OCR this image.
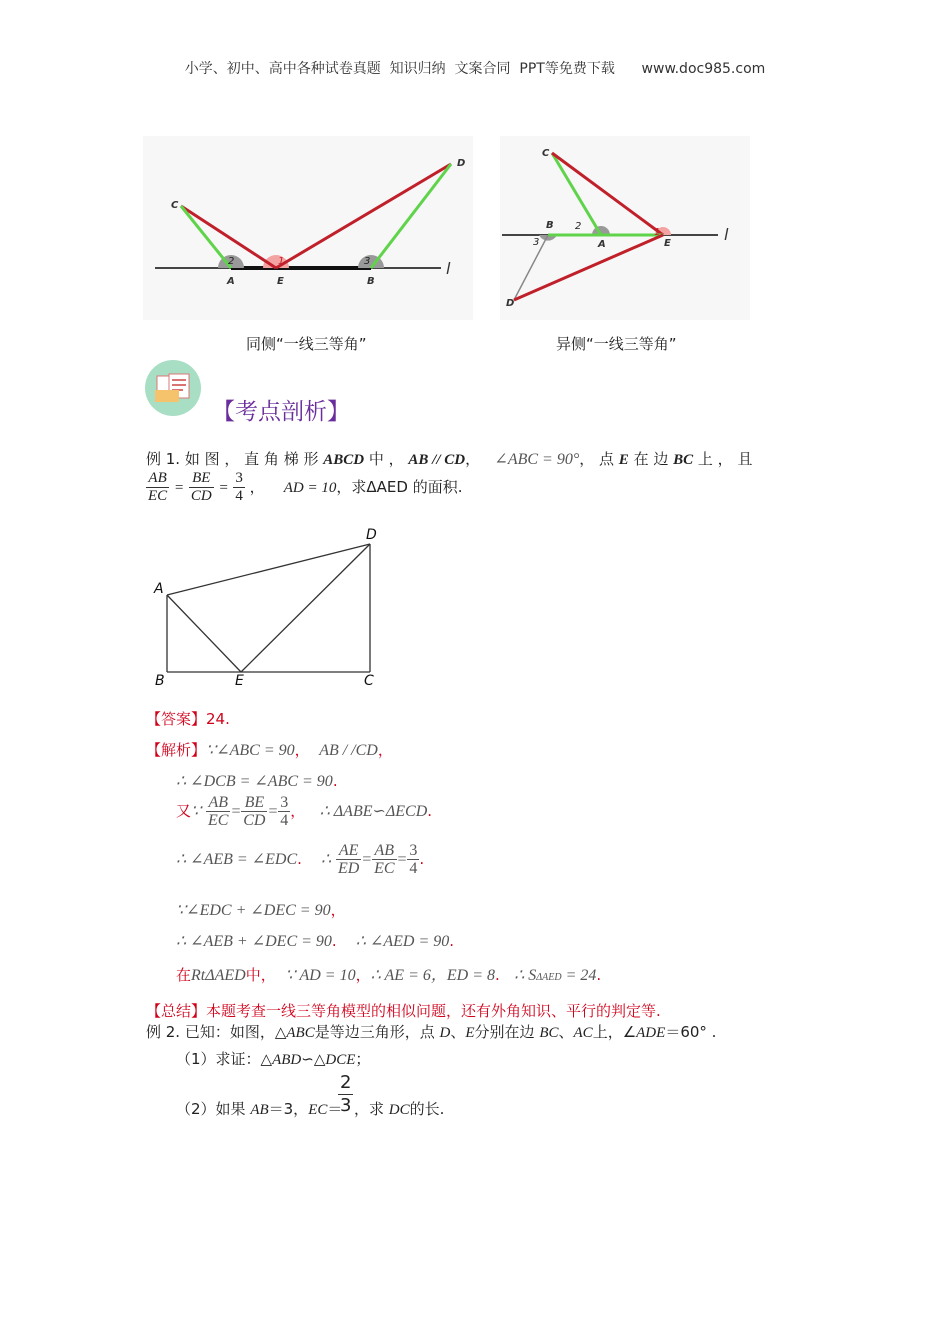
小学、初中、高中各种试卷真题  知识归纳  文案合同  PPT等免费下载      www.doc985.com
C
D
A	E	B
l
1
2	3
C
B
A	E
D
l
1
2
3
同侧“一线三等角”	异侧“一线三等角”
【考点剖析】
例 1. 如 图 ， 直 角 梯 形 ABCD 中 ， AB // CD， ∠ABC = 90°， 点 E 在 边 BC 上 ， 且
$\frac{AB}{EC} = \frac{BE}{CD} = \frac{3}{4}$ ，    AD = 10，求ΔAED 的面积.
A
B	E	C
D
【答案】24.
【解析】∵∠ABC = 90， AB / /CD，
∴ ∠DCB = ∠ABC = 90.
又∵ $\frac{AB}{EC} = \frac{BE}{CD} = \frac{3}{4}$ ， ∴ ΔABE∽ΔECD.
∴ ∠AEB = ∠EDC. ∴ $\frac{AE}{ED} = \frac{AB}{EC} = \frac{3}{4}$ .
∵∠EDC + ∠DEC = 90，
∴ ∠AEB + ∠DEC = 90. ∴ ∠AED = 90.
在RtΔAED中， ∵ AD = 10，∴ AE = 6，ED = 8. ∴ SΔAED = 24.
【总结】本题考查一线三等角模型的相似问题，还有外角知识、平行的判定等.
例 2. 已知：如图，△ABC是等边三角形，点 D、E分别在边 BC、AC上，∠ADE＝60° .
（1）求证：△ABD∽△DCE；
（2）如果 AB＝3，EC＝
2
3 ，求 DC的长.
